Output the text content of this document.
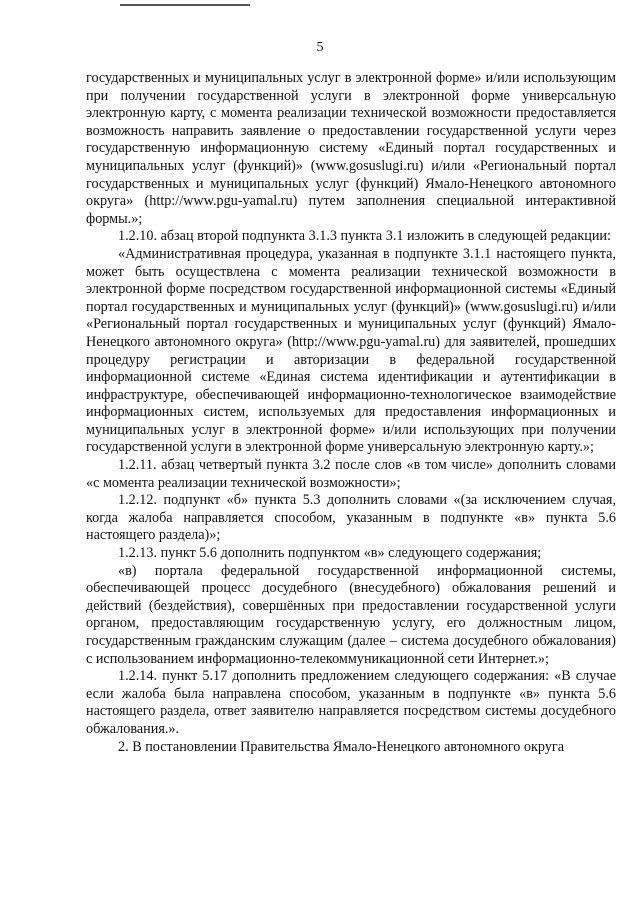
5

государственных и муниципальных услуг в электронной форме» и/или использующим при получении государственной услуги в электронной форме универсальную электронную карту, с момента реализации технической возможности предоставляется возможность направить заявление о предоставлении государственной услуги через государственную информационную систему «Единый портал государственных и муниципальных услуг (функций)» (www.gosuslugi.ru) и/или «Региональный портал государственных и муниципальных услуг (функций) Ямало-Ненецкого автономного округа» (http://www.pgu-yamal.ru) путем заполнения специальной интерактивной формы.»;

1.2.10. абзац второй подпункта 3.1.3 пункта 3.1 изложить в следующей редакции:

«Административная процедура, указанная в подпункте 3.1.1 настоящего пункта, может быть осуществлена с момента реализации технической возможности в электронной форме посредством государственной информационной системы «Единый портал государственных и муниципальных услуг (функций)» (www.gosuslugi.ru) и/или «Региональный портал государственных и муниципальных услуг (функций) Ямало-Ненецкого автономного округа» (http://www.pgu-yamal.ru) для заявителей, прошедших процедуру регистрации и авторизации в федеральной государственной информационной системе «Единая система идентификации и аутентификации в инфраструктуре, обеспечивающей информационно-технологическое взаимодействие информационных систем, используемых для предоставления информационных и муниципальных услуг в электронной форме» и/или использующих при получении государственной услуги в электронной форме универсальную электронную карту.»;

1.2.11. абзац четвертый пункта 3.2 после слов «в том числе» дополнить словами «с момента реализации технической возможности»;

1.2.12. подпункт «б» пункта 5.3 дополнить словами «(за исключением случая, когда жалоба направляется способом, указанным в подпункте «в» пункта 5.6 настоящего раздела)»;

1.2.13. пункт 5.6 дополнить подпунктом «в» следующего содержания;

«в) портала федеральной государственной информационной системы, обеспечивающей процесс досудебного (внесудебного) обжалования решений и действий (бездействия), совершённых при предоставлении государственной услуги органом, предоставляющим государственную услугу, его должностным лицом, государственным гражданским служащим (далее – система досудебного обжалования) с использованием информационно-телекоммуникационной сети Интернет.»;

1.2.14. пункт 5.17 дополнить предложением следующего содержания: «В случае если жалоба была направлена способом, указанным в подпункте «в» пункта 5.6 настоящего раздела, ответ заявителю направляется посредством системы досудебного обжалования.».

2. В постановлении Правительства Ямало-Ненецкого автономного округа
